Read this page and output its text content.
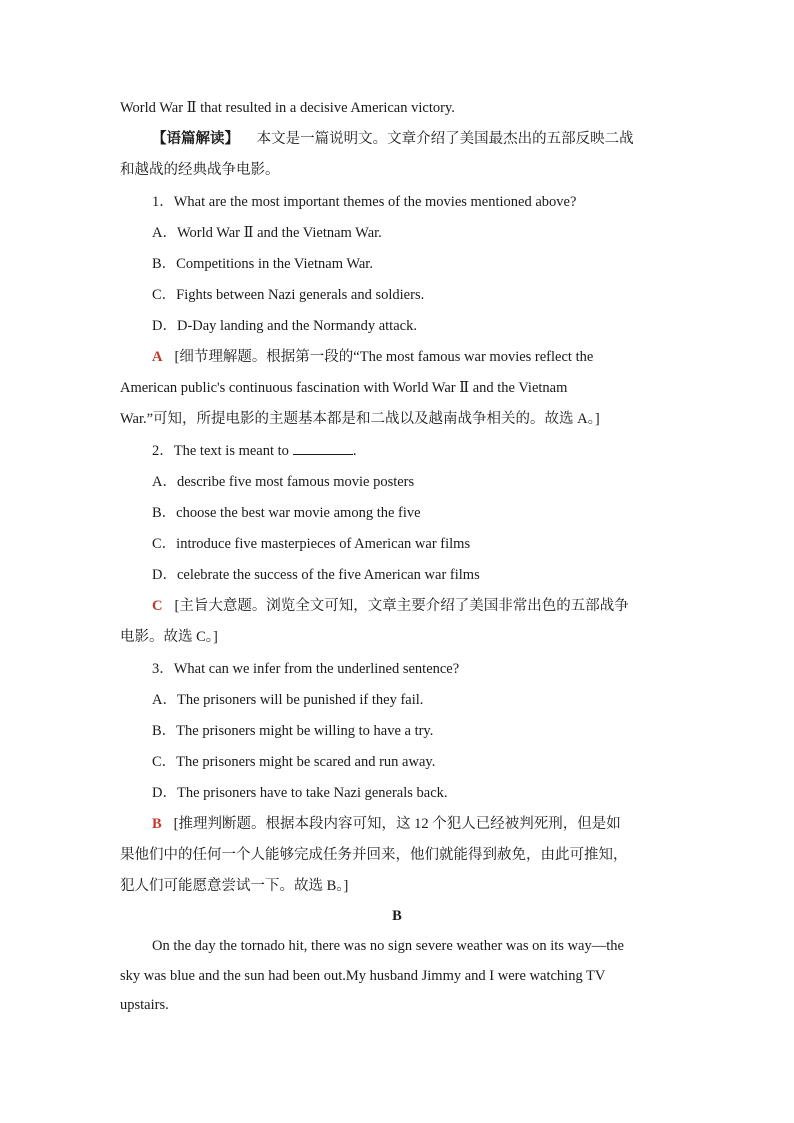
World War Ⅱ that resulted in a decisive American victory.
【语篇解读】 本文是一篇说明文。文章介绍了美国最杰出的五部反映二战
和越战的经典战争电影。
1．What are the most important themes of the movies mentioned above?
A．World War Ⅱ and the Vietnam War.
B．Competitions in the Vietnam War.
C．Fights between Nazi generals and soldiers.
D．D-Day landing and the Normandy attack.
A [细节理解题。根据第一段的“The most famous war movies reflect the
American public's continuous fascination with World War Ⅱ and the Vietnam
War.”可知，所提电影的主题基本都是和二战以及越南战争相关的。故选 A。]
2．The text is meant to	.
A．describe five most famous movie posters
B．choose the best war movie among the five
C．introduce five masterpieces of American war films
D．celebrate the success of the five American war films
C [主旨大意题。浏览全文可知，文章主要介绍了美国非常出色的五部战争
电影。故选 C。]
3．What can we infer from the underlined sentence?
A．The prisoners will be punished if they fail.
B．The prisoners might be willing to have a try.
C．The prisoners might be scared and run away.
D．The prisoners have to take Nazi generals back.
B [推理判断题。根据本段内容可知，这 12 个犯人已经被判死刑，但是如
果他们中的任何一个人能够完成任务并回来，他们就能得到赦免，由此可推知，
犯人们可能愿意尝试一下。故选 B。]
B
On the day the tornado hit, there was no sign severe weather was on its way—the
sky was blue and the sun had been out.My husband Jimmy and I were watching TV
upstairs.
